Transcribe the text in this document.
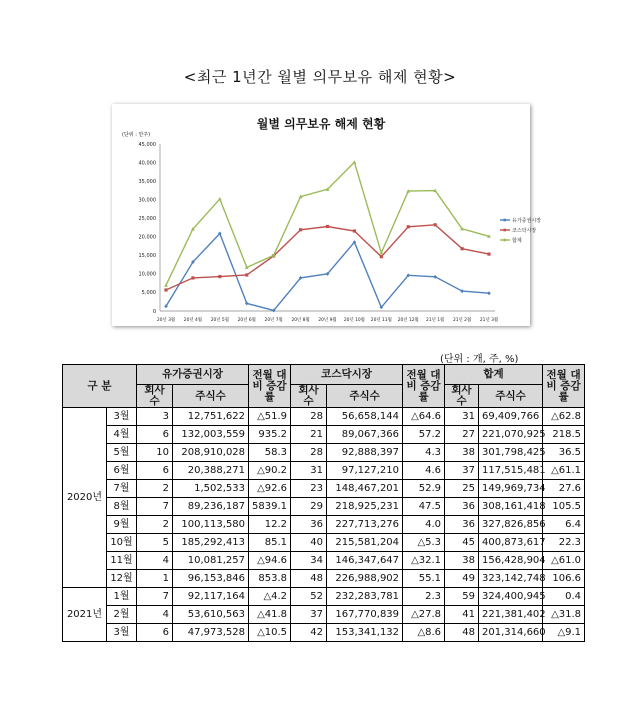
<최근 1년간 월별 의무보유 해제 현황>
월별 의무보유 해제 현황
(단위 : 만주)
0
5,000
10,000
15,000
20,000
25,000
30,000
35,000
40,000
45,000
20년 3월 20년 4월 20년 5월 20년 6월 20년 7월 20년 8월 20년 9월 20년 10월 20년 11월 20년 12월 21년 1월 21년 2월 21년 3월
유가증권시장
코스닥시장
합계
(단위 : 개, 주, %)
구 분		유가증권시장		전월 대비 증감률	코스닥시장		전월 대비 증감률	합계		전월 대비 증감률
		회사수	주식수		회사수	주식수		회사수	주식수	
2020년	3월	3	12,751,622	△51.9	28	56,658,144	△64.6	31	69,409,766	△62.8
	4월	6	132,003,559	935.2	21	89,067,366	57.2	27	221,070,925	218.5
	5월	10	208,910,028	58.3	28	92,888,397	4.3	38	301,798,425	36.5
	6월	6	20,388,271	△90.2	31	97,127,210	4.6	37	117,515,481	△61.1
	7월	2	1,502,533	△92.6	23	148,467,201	52.9	25	149,969,734	27.6
	8월	7	89,236,187	5839.1	29	218,925,231	47.5	36	308,161,418	105.5
	9월	2	100,113,580	12.2	36	227,713,276	4.0	36	327,826,856	6.4
	10월	5	185,292,413	85.1	40	215,581,204	△5.3	45	400,873,617	22.3
	11월	4	10,081,257	△94.6	34	146,347,647	△32.1	38	156,428,904	△61.0
	12월	1	96,153,846	853.8	48	226,988,902	55.1	49	323,142,748	106.6
2021년	1월	7	92,117,164	△4.2	52	232,283,781	2.3	59	324,400,945	0.4
	2월	4	53,610,563	△41.8	37	167,770,839	△27.8	41	221,381,402	△31.8
	3월	6	47,973,528	△10.5	42	153,341,132	△8.6	48	201,314,660	△9.1
